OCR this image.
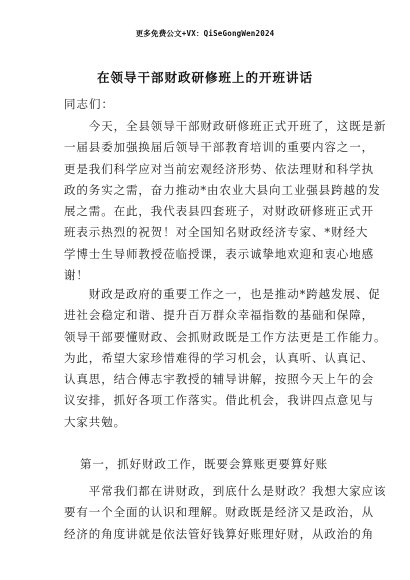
更多免费公文+VX：QiSeGongWen2024
在领导干部财政研修班上的开班讲话
同志们：
　　今天，全县领导干部财政研修班正式开班了，这既是新
一届县委加强换届后领导干部教育培训的重要内容之一，
更是我们科学应对当前宏观经济形势、依法理财和科学执
政的务实之需，奋力推动*由农业大县向工业强县跨越的发
展之需。在此，我代表县四套班子，对财政研修班正式开
班表示热烈的祝贺！对全国知名财政经济专家、*财经大
学博士生导师教授莅临授课，表示诚挚地欢迎和衷心地感
谢！
　　财政是政府的重要工作之一，也是推动*跨越发展、促
进社会稳定和谐、提升百万群众幸福指数的基础和保障，
领导干部要懂财政、会抓财政既是工作方法更是工作能力。
为此，希望大家珍惜难得的学习机会，认真听、认真记、
认真思，结合傅志宇教授的辅导讲解，按照今天上午的会
议安排，抓好各项工作落实。借此机会，我讲四点意见与
大家共勉。
第一，抓好财政工作，既要会算账更要算好账
　　平常我们都在讲财政，到底什么是财政？我想大家应该
要有一个全面的认识和理解。财政既是经济又是政治，从
经济的角度讲就是依法管好钱算好账理好财，从政治的角
